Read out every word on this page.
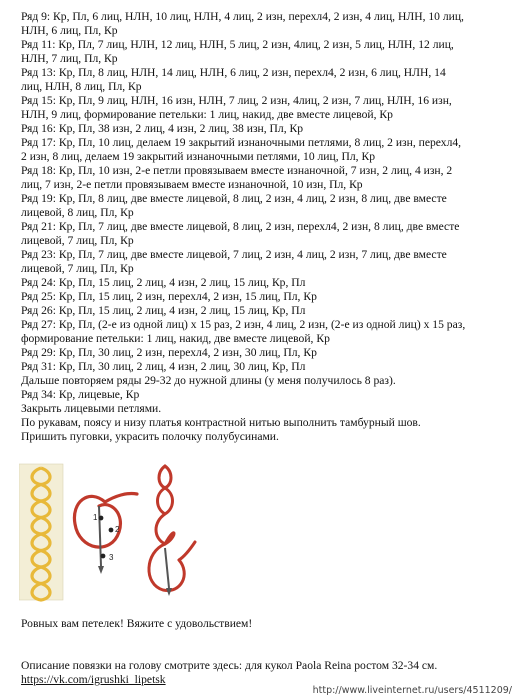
Ряд 9: Кр, Пл, 6 лиц, НЛН, 10 лиц, НЛН, 4 лиц, 2 изн, перехл4, 2 изн, 4 лиц, НЛН, 10 лиц,

НЛН, 6 лиц, Пл, Кр

Ряд 11: Кр, Пл, 7 лиц, НЛН, 12 лиц, НЛН, 5 лиц, 2 изн, 4лиц, 2 изн, 5 лиц, НЛН, 12 лиц,

НЛН, 7 лиц, Пл, Кр

Ряд 13: Кр, Пл, 8 лиц, НЛН, 14 лиц, НЛН, 6 лиц, 2 изн, перехл4, 2 изн, 6 лиц, НЛН, 14

лиц, НЛН, 8 лиц, Пл, Кр

Ряд 15: Кр, Пл, 9 лиц, НЛН, 16 изн, НЛН, 7 лиц, 2 изн, 4лиц, 2 изн, 7 лиц, НЛН, 16 изн,

НЛН, 9 лиц, формирование петельки: 1 лиц, накид, две вместе лицевой, Кр

Ряд 16: Кр, Пл, 38 изн, 2 лиц, 4 изн, 2 лиц, 38 изн, Пл, Кр

Ряд 17: Кр, Пл, 10 лиц, делаем 19 закрытий изнаночными петлями, 8 лиц, 2 изн, перехл4,

2 изн, 8 лиц, делаем 19 закрытий изнаночными петлями, 10 лиц, Пл, Кр

Ряд 18: Кр, Пл, 10 изн, 2-е петли провязываем вместе изнаночной, 7 изн, 2 лиц, 4 изн, 2

лиц, 7 изн, 2-е петли провязываем вместе изнаночной, 10 изн, Пл, Кр

Ряд 19: Кр, Пл, 8 лиц, две вместе лицевой, 8 лиц, 2 изн, 4 лиц, 2 изн, 8 лиц, две вместе

лицевой, 8 лиц, Пл, Кр

Ряд 21: Кр, Пл, 7 лиц, две вместе лицевой, 8 лиц, 2 изн, перехл4, 2 изн, 8 лиц, две вместе

лицевой, 7 лиц, Пл, Кр

Ряд 23: Кр, Пл, 7 лиц, две вместе лицевой, 7 лиц, 2 изн, 4 лиц, 2 изн, 7 лиц, две вместе

лицевой, 7 лиц, Пл, Кр

Ряд 24: Кр, Пл, 15 лиц, 2 лиц, 4 изн, 2 лиц, 15 лиц, Кр, Пл

Ряд 25: Кр, Пл, 15 лиц, 2 изн, перехл4, 2 изн, 15 лиц, Пл, Кр

Ряд 26: Кр, Пл, 15 лиц, 2 лиц, 4 изн, 2 лиц, 15 лиц, Кр, Пл

Ряд 27: Кр, Пл, (2-е из одной лиц) х 15 раз, 2 изн, 4 лиц, 2 изн, (2-е из одной лиц) х 15 раз,

формирование петельки: 1 лиц, накид, две вместе лицевой, Кр

Ряд 29: Кр, Пл, 30 лиц, 2 изн, перехл4, 2 изн, 30 лиц, Пл, Кр

Ряд 31: Кр, Пл, 30 лиц, 2 лиц, 4 изн, 2 лиц, 30 лиц, Кр, Пл

Дальше повторяем ряды 29-32 до нужной длины (у меня получилось 8 раз).

Ряд 34: Кр, лицевые, Кр

Закрыть лицевыми петлями.

По рукавам, поясу и низу платья контрастной нитью выполнить тамбурный шов.

Пришить пуговки, украсить полочку полубусинами.

1
2
3

Ровных вам петелек! Вяжите с удовольствием!

Описание повязки на голову смотрите здесь: для кукол Paola Reina ростом 32-34 см.

https://vk.com/igrushki_lipetsk
http://www.liveinternet.ru/users/4511209/
